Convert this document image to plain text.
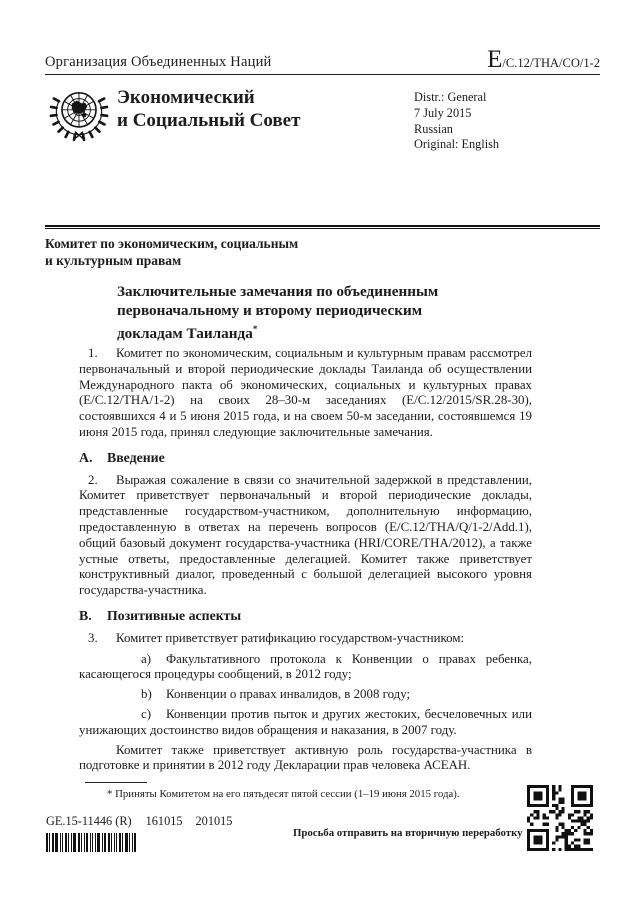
Организация Объединенных Наций	E/C.12/THA/CO/1-2
Экономический
и Социальный Совет
Distr.: General
7 July 2015
Russian
Original: English
Комитет по экономическим, социальным
и культурным правам
Заключительные замечания по объединенным
первоначальному и второму периодическим
докладам Таиланда*

1. Комитет по экономическим, социальным и культурным правам рассмотрел первоначальный и второй периодические доклады Таиланда об осуществлении Международного пакта об экономических, социальных и культурных правах (E/C.12/THA/1-2) на своих 28–30-м заседаниях (E/C.12/2015/SR.28-30), состоявшихся 4 и 5 июня 2015 года, и на своем 50-м заседании, состоявшемся 19 июня 2015 года, принял следующие заключительные замечания.

A. Введение

2. Выражая сожаление в связи со значительной задержкой в представлении, Комитет приветствует первоначальный и второй периодические доклады, представленные государством-участником, дополнительную информацию, предоставленную в ответах на перечень вопросов (E/C.12/THA/Q/1-2/Add.1), общий базовый документ государства-участника (HRI/CORE/THA/2012), а также устные ответы, предоставленные делегацией. Комитет также приветствует конструктивный диалог, проведенный с большой делегацией высокого уровня государства-участника.

B. Позитивные аспекты

3. Комитет приветствует ратификацию государством-участником:

a) Факультативного протокола к Конвенции о правах ребенка, касающегося процедуры сообщений, в 2012 году;

b) Конвенции о правах инвалидов, в 2008 году;

c) Конвенции против пыток и других жестоких, бесчеловечных или унижающих достоинство видов обращения и наказания, в 2007 году.

Комитет также приветствует активную роль государства-участника в подготовке и принятии в 2012 году Декларации прав человека АСЕАН.

* Приняты Комитетом на его пятьдесят пятой сессии (1–19 июня 2015 года).
GE.15-11446 (R) 161015 201015
Просьба отправить на вторичную переработку
